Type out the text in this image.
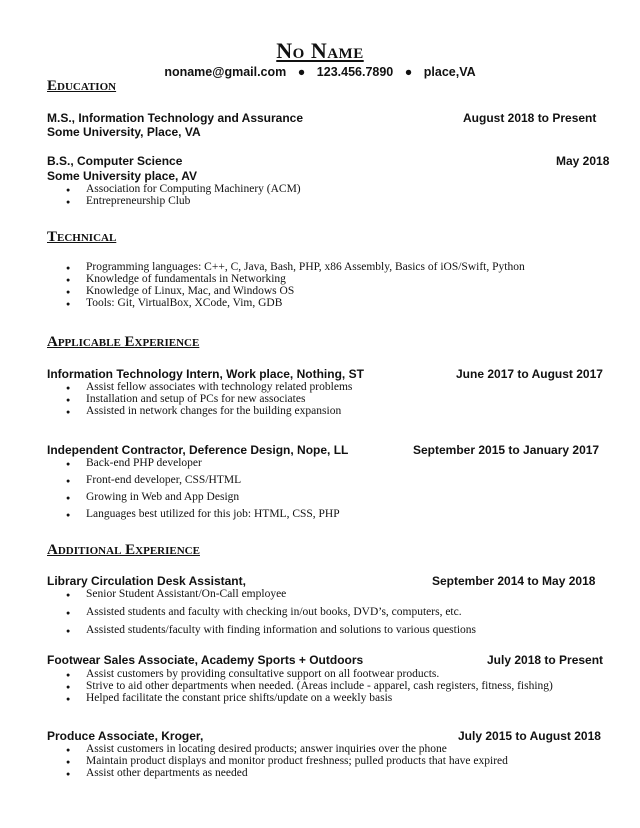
No Name
noname@gmail.com ● 123.456.7890 ● place,VA
Education
M.S., Information Technology and Assurance	August 2018 to Present
Some University, Place, VA
B.S., Computer Science	May 2018
Some University place, AV
● Association for Computing Machinery (ACM)
● Entrepreneurship Club
Technical
● Programming languages: C++, C, Java, Bash, PHP, x86 Assembly, Basics of iOS/Swift, Python
● Knowledge of fundamentals in Networking
● Knowledge of Linux, Mac, and Windows OS
● Tools: Git, VirtualBox, XCode, Vim, GDB
Applicable Experience
Information Technology Intern, Work place, Nothing, ST	June 2017 to August 2017
● Assist fellow associates with technology related problems
● Installation and setup of PCs for new associates
● Assisted in network changes for the building expansion
Independent Contractor, Deference Design, Nope, LL	September 2015 to January 2017
● Back-end PHP developer
● Front-end developer, CSS/HTML
● Growing in Web and App Design
● Languages best utilized for this job: HTML, CSS, PHP
Additional Experience
Library Circulation Desk Assistant,	September 2014 to May 2018
● Senior Student Assistant/On-Call employee
● Assisted students and faculty with checking in/out books, DVD’s, computers, etc.
● Assisted students/faculty with finding information and solutions to various questions
Footwear Sales Associate, Academy Sports + Outdoors	July 2018 to Present
● Assist customers by providing consultative support on all footwear products.
● Strive to aid other departments when needed. (Areas include - apparel, cash registers, fitness, fishing)
● Helped facilitate the constant price shifts/update on a weekly basis
Produce Associate, Kroger,	July 2015 to August 2018
● Assist customers in locating desired products; answer inquiries over the phone
● Maintain product displays and monitor product freshness; pulled products that have expired
● Assist other departments as needed
